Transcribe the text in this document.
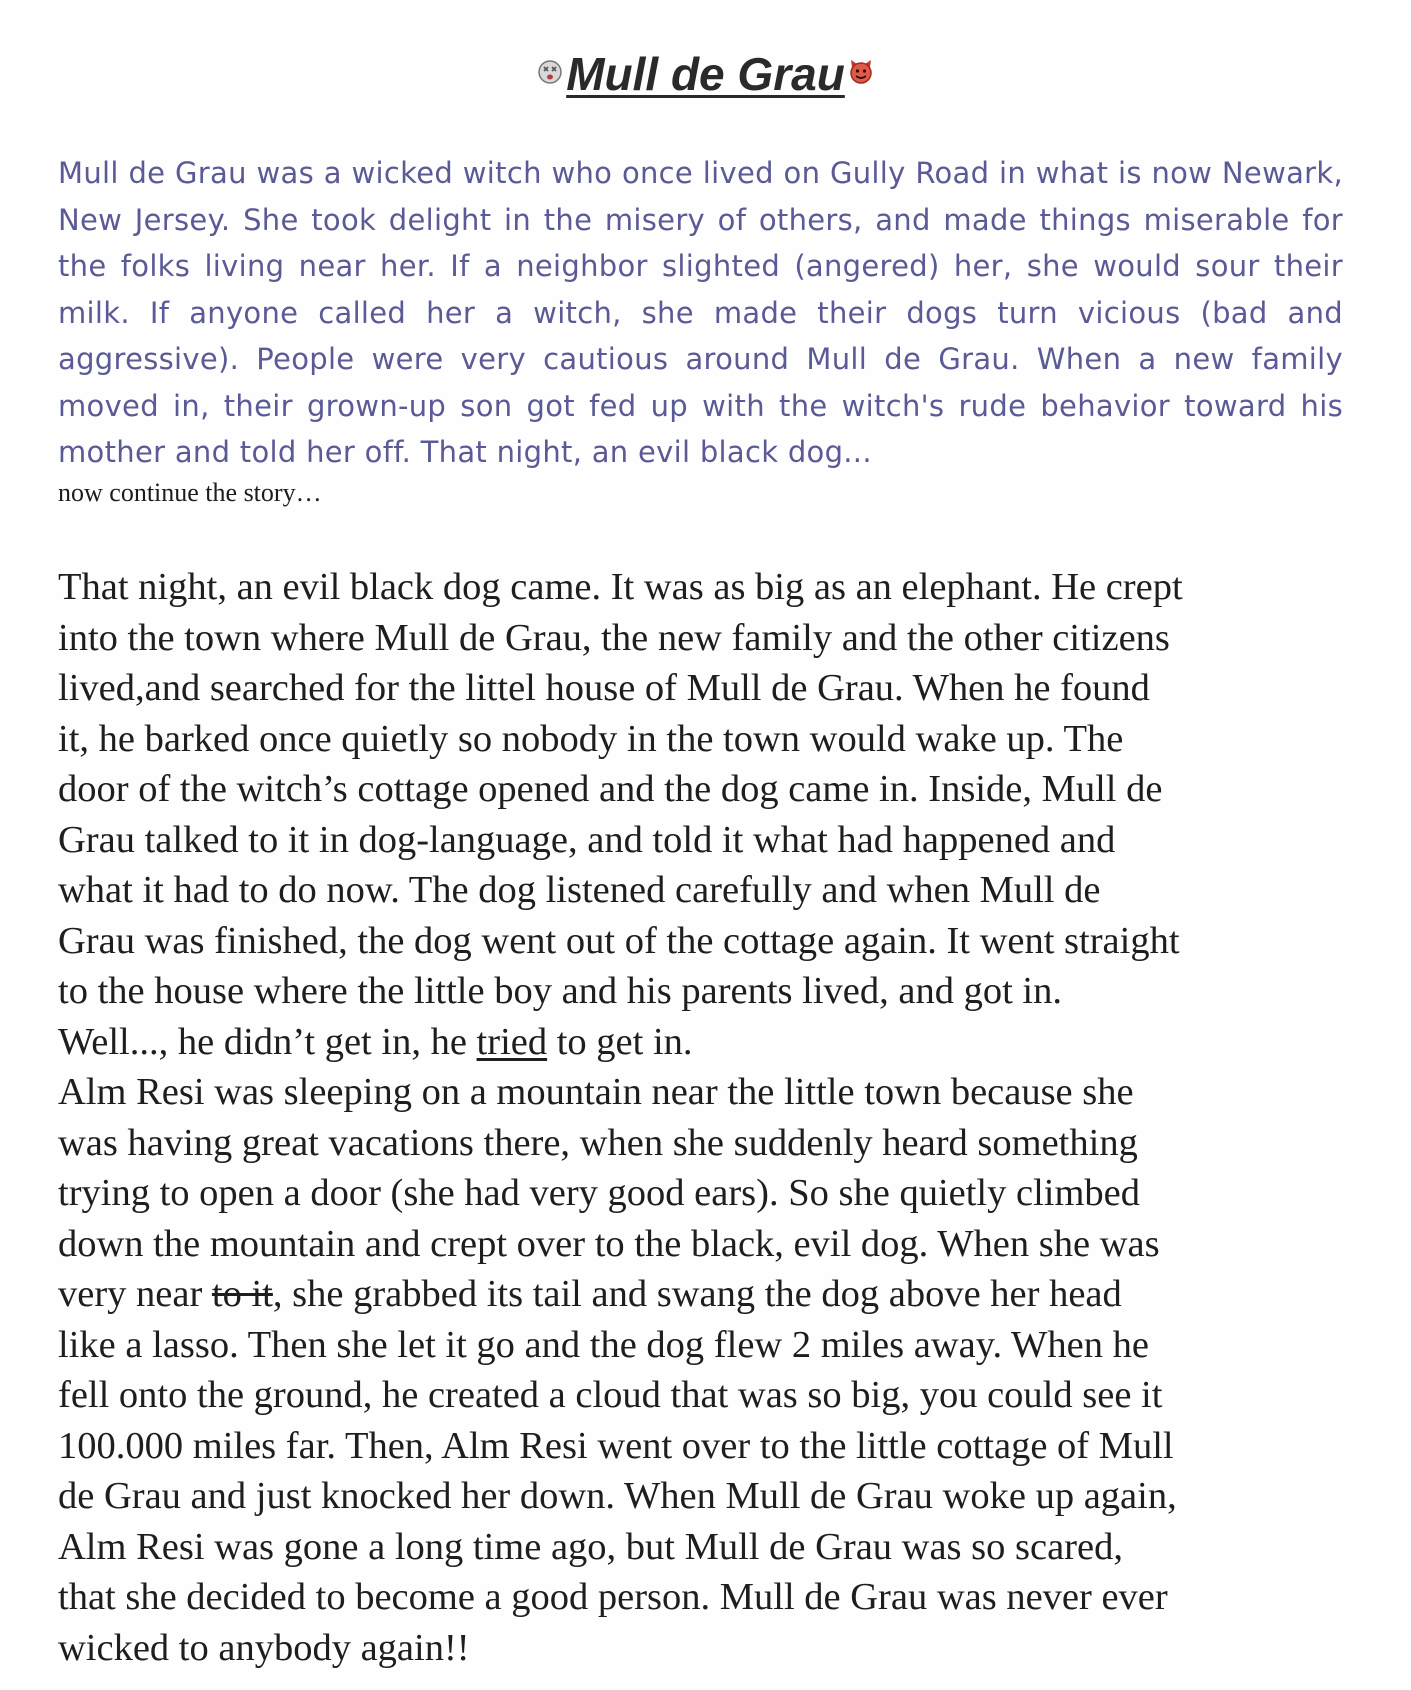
Mull de Grau
Mull de Grau was a wicked witch who once lived on Gully Road in what is now Newark, New Jersey. She took delight in the misery of others, and made things miserable for the folks living near her. If a neighbor slighted (angered) her, she would sour their milk. If anyone called her a witch, she made their dogs turn vicious (bad and aggressive). People were very cautious around Mull de Grau. When a new family moved in, their grown-up son got fed up with the witch's rude behavior toward his mother and told her off. That night, an evil black dog...
now continue the story…
That night, an evil black dog came. It was as big as an elephant. He crept
into the town where Mull de Grau, the new family and the other citizens
lived,and searched for the littel house of Mull de Grau. When he found
it, he barked once quietly so nobody in the town would wake up. The
door of the witch’s cottage opened and the dog came in. Inside, Mull de
Grau talked to it in dog-language, and told it what had happened and
what it had to do now. The dog listened carefully and when Mull de
Grau was finished, the dog went out of the cottage again. It went straight
to the house where the little boy and his parents lived, and got in.
Well..., he didn’t get in, he tried to get in.
Alm Resi was sleeping on a mountain near the little town because she
was having great vacations there, when she suddenly heard something
trying to open a door (she had very good ears). So she quietly climbed
down the mountain and crept over to the black, evil dog. When she was
very near to it, she grabbed its tail and swang the dog above her head
like a lasso. Then she let it go and the dog flew 2 miles away. When he
fell onto the ground, he created a cloud that was so big, you could see it
100.000 miles far. Then, Alm Resi went over to the little cottage of Mull
de Grau and just knocked her down. When Mull de Grau woke up again,
Alm Resi was gone a long time ago, but Mull de Grau was so scared,
that she decided to become a good person. Mull de Grau was never ever
wicked to anybody again!!
